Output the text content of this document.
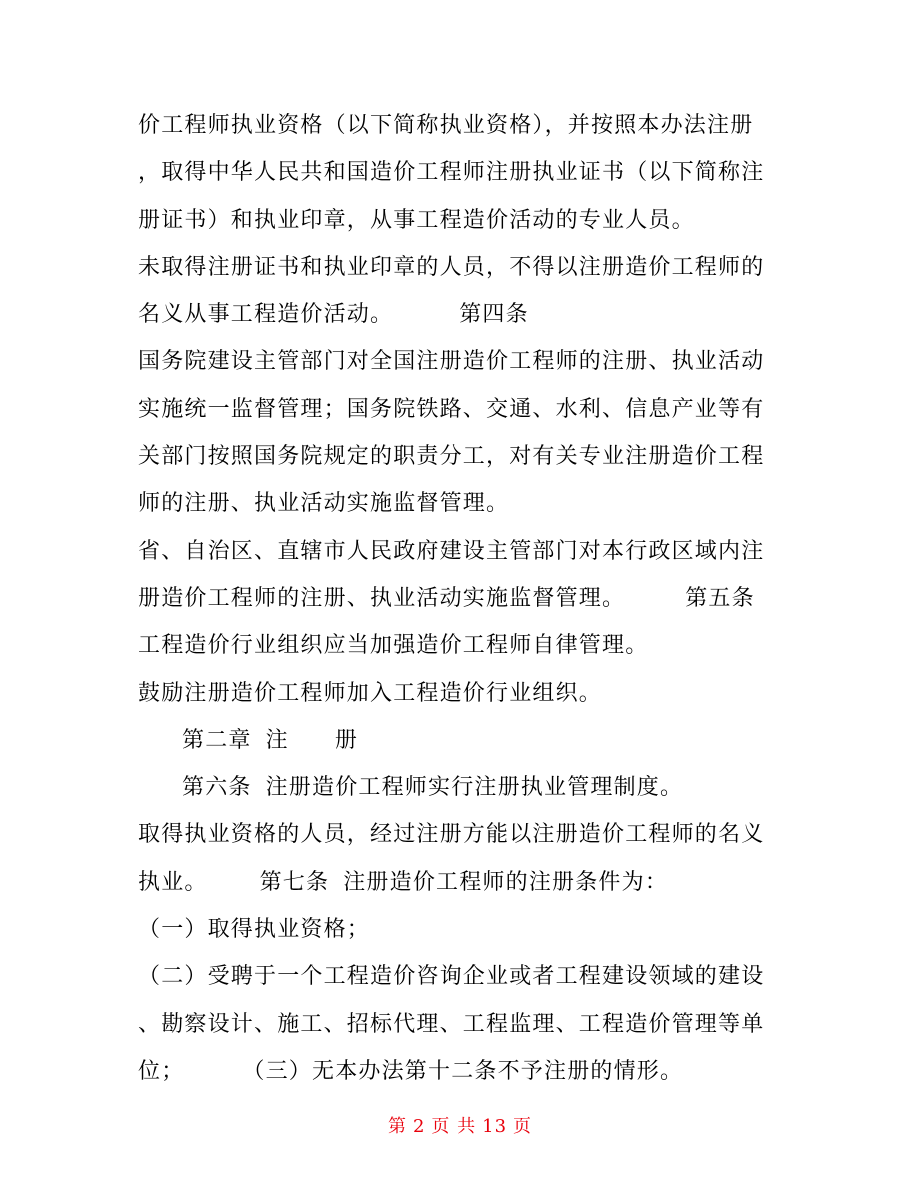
价工程师执业资格（以下简称执业资格），并按照本办法注册
，取得中华人民共和国造价工程师注册执业证书（以下简称注
册证书）和执业印章，从事工程造价活动的专业人员。
未取得注册证书和执业印章的人员，不得以注册造价工程师的
名义从事工程造价活动。	第四条
国务院建设主管部门对全国注册造价工程师的注册、执业活动
实施统一监督管理；国务院铁路、交通、水利、信息产业等有
关部门按照国务院规定的职责分工，对有关专业注册造价工程
师的注册、执业活动实施监督管理。
省、自治区、直辖市人民政府建设主管部门对本行政区域内注
册造价工程师的注册、执业活动实施监督管理。	第五条
工程造价行业组织应当加强造价工程师自律管理。
鼓励注册造价工程师加入工程造价行业组织。
第二章 注 册
第六条 注册造价工程师实行注册执业管理制度。
取得执业资格的人员，经过注册方能以注册造价工程师的名义
执业。 第七条 注册造价工程师的注册条件为：
（一）取得执业资格；
（二）受聘于一个工程造价咨询企业或者工程建设领域的建设
、勘察设计、施工、招标代理、工程监理、工程造价管理等单
位；	（三）无本办法第十二条不予注册的情形。
第 2 页 共 13 页
